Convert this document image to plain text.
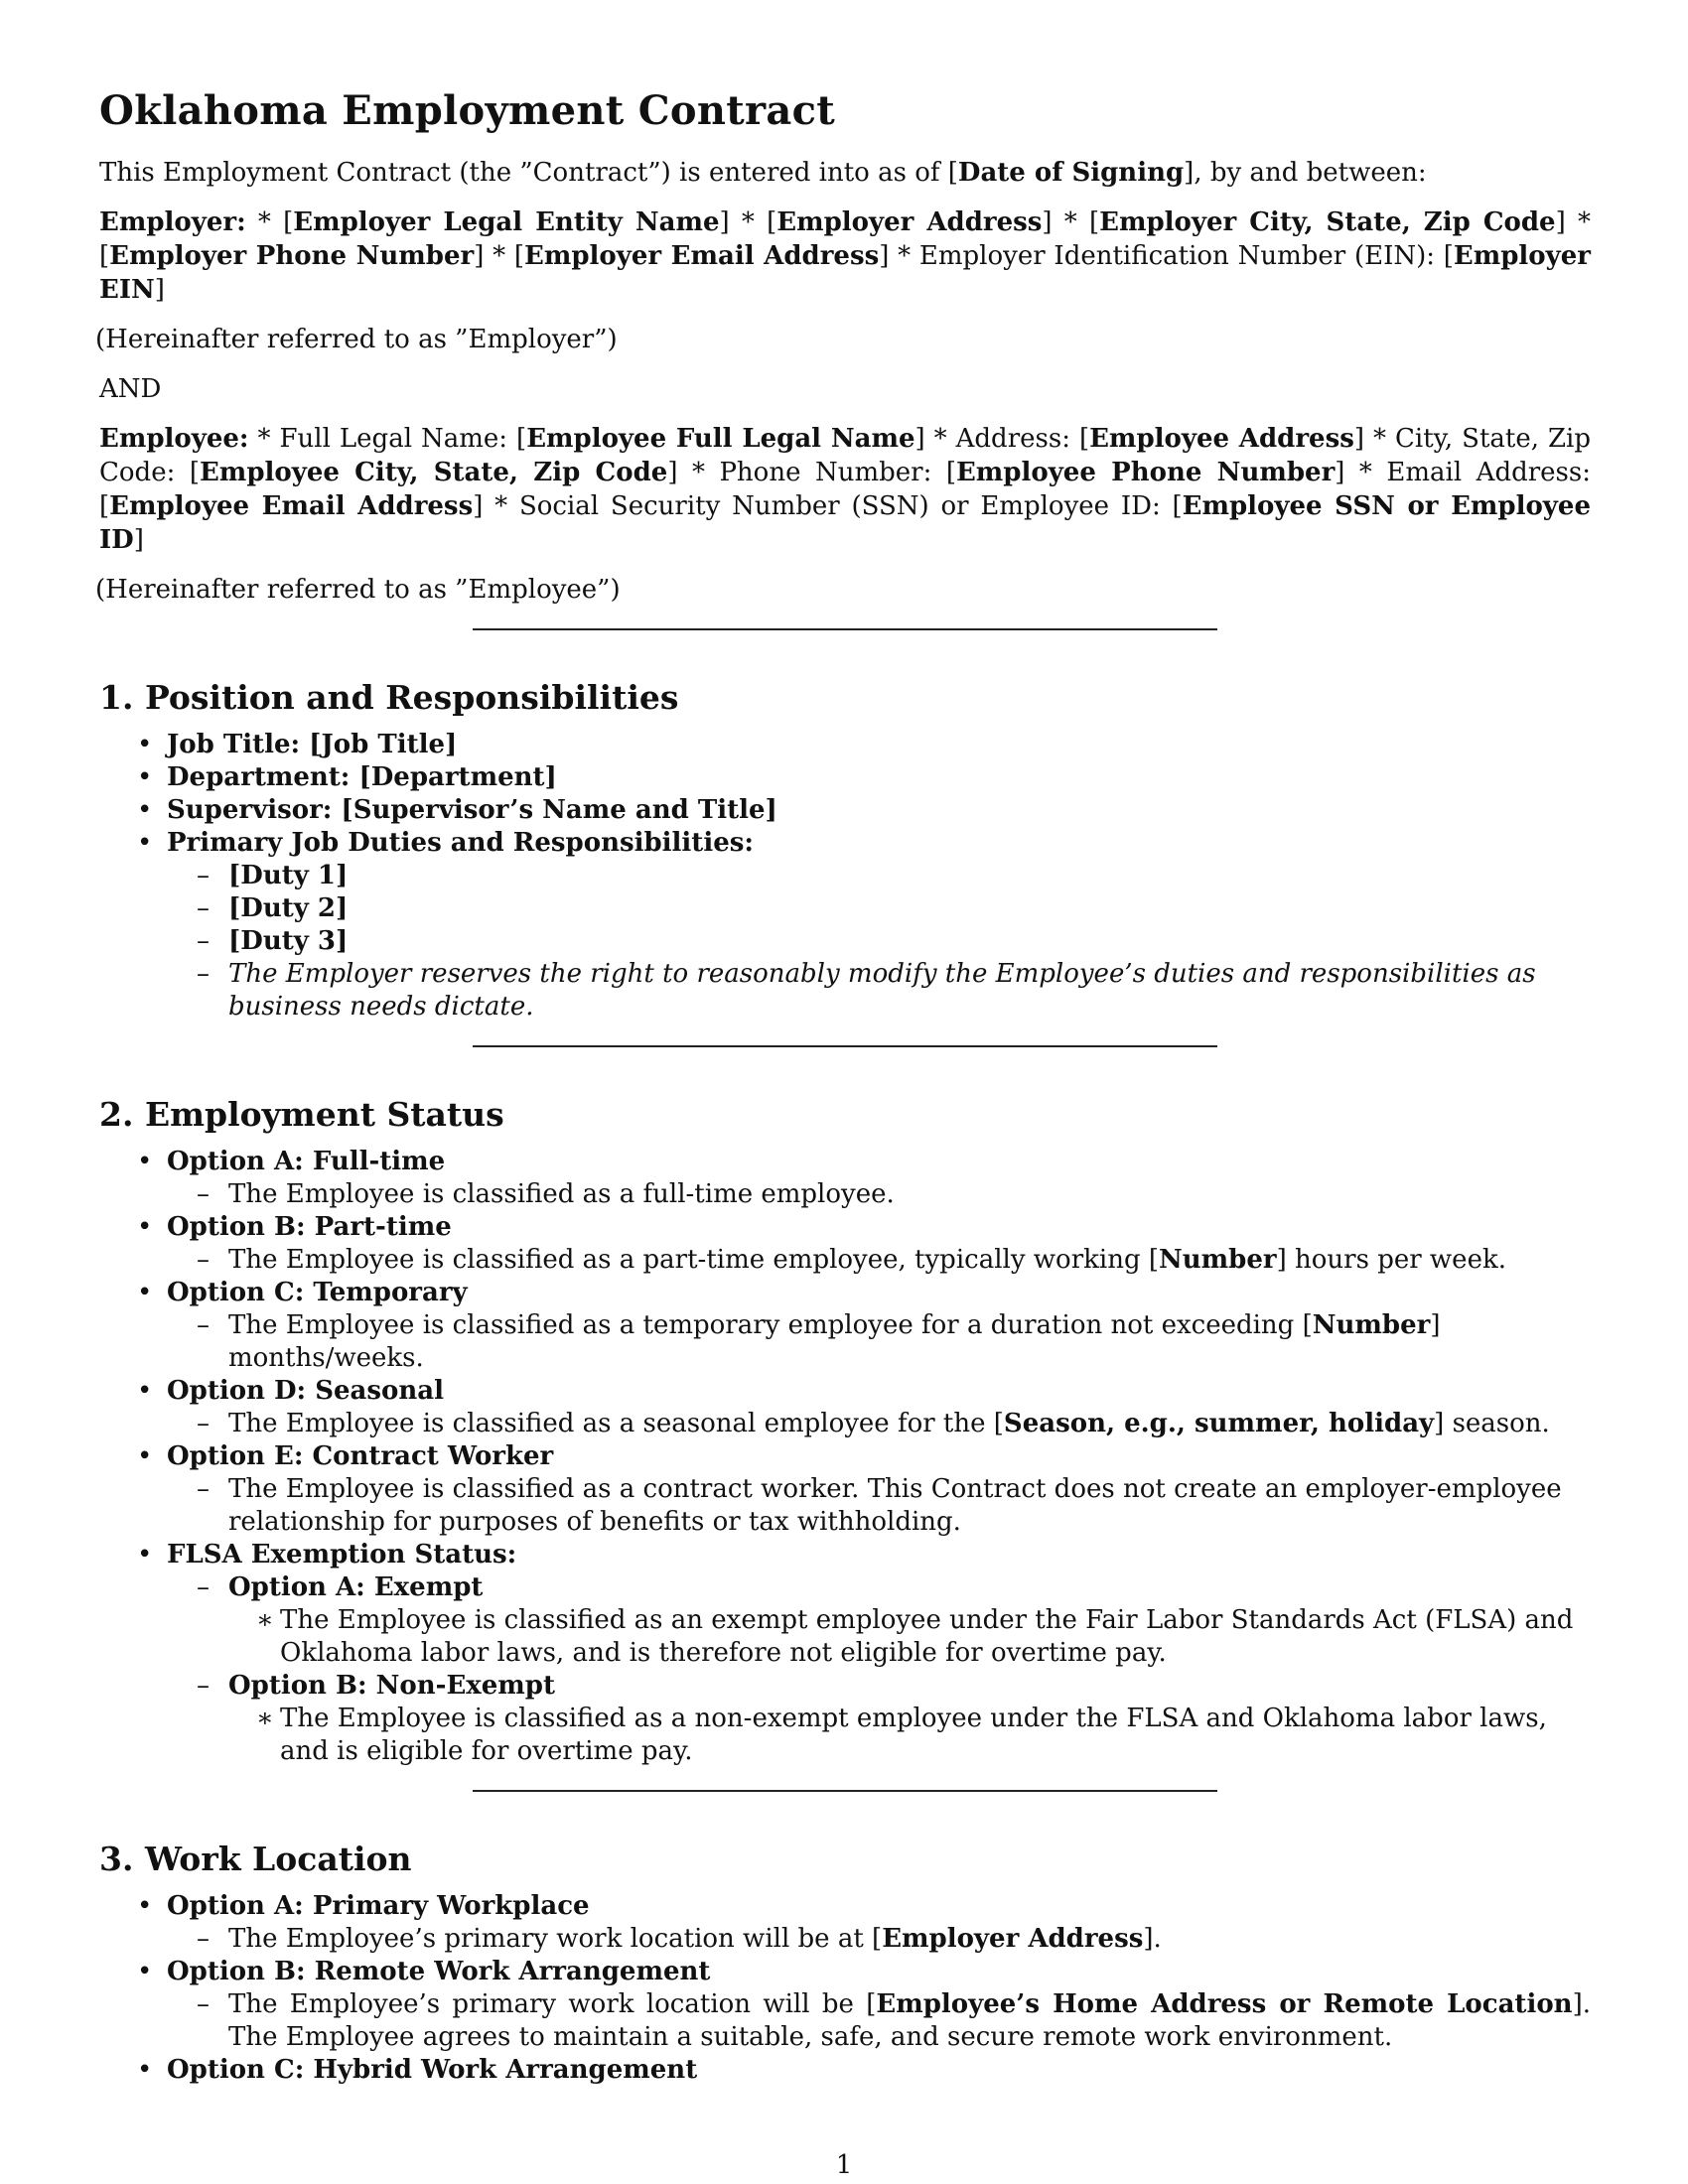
Oklahoma Employment Contract

This Employment Contract (the ”Contract”) is entered into as of [Date of Signing], by and between:

Employer: * [Employer Legal Entity Name] * [Employer Address] * [Employer City, State, Zip Code] * [Employer Phone Number] * [Employer Email Address] * Employer Identification Number (EIN): [Employer EIN]

(Hereinafter referred to as ”Employer”)

AND

Employee: * Full Legal Name: [Employee Full Legal Name] * Address: [Employee Address] * City, State, Zip Code: [Employee City, State, Zip Code] * Phone Number: [Employee Phone Number] * Email Address: [Employee Email Address] * Social Security Number (SSN) or Employee ID: [Employee SSN or Employee ID]

(Hereinafter referred to as ”Employee”)

1. Position and Responsibilities
• Job Title: [Job Title]
• Department: [Department]
• Supervisor: [Supervisor’s Name and Title]
• Primary Job Duties and Responsibilities:
– [Duty 1]
– [Duty 2]
– [Duty 3]
– The Employer reserves the right to reasonably modify the Employee’s duties and responsibilities as business needs dictate.
2. Employment Status
• Option A: Full-time
– The Employee is classified as a full-time employee.
• Option B: Part-time
– The Employee is classified as a part-time employee, typically working [Number] hours per week.
• Option C: Temporary
– The Employee is classified as a temporary employee for a duration not exceeding [Number] months/weeks.
• Option D: Seasonal
– The Employee is classified as a seasonal employee for the [Season, e.g., summer, holiday] season.
• Option E: Contract Worker
– The Employee is classified as a contract worker. This Contract does not create an employer-employee relationship for purposes of benefits or tax withholding.
• FLSA Exemption Status:
– Option A: Exempt
∗ The Employee is classified as an exempt employee under the Fair Labor Standards Act (FLSA) and Oklahoma labor laws, and is therefore not eligible for overtime pay.
– Option B: Non-Exempt
∗ The Employee is classified as a non-exempt employee under the FLSA and Oklahoma labor laws, and is eligible for overtime pay.
3. Work Location
• Option A: Primary Workplace
– The Employee’s primary work location will be at [Employer Address].
• Option B: Remote Work Arrangement
– The Employee’s primary work location will be [Employee’s Home Address or Remote Location]. The Employee agrees to maintain a suitable, safe, and secure remote work environment.
• Option C: Hybrid Work Arrangement
1
